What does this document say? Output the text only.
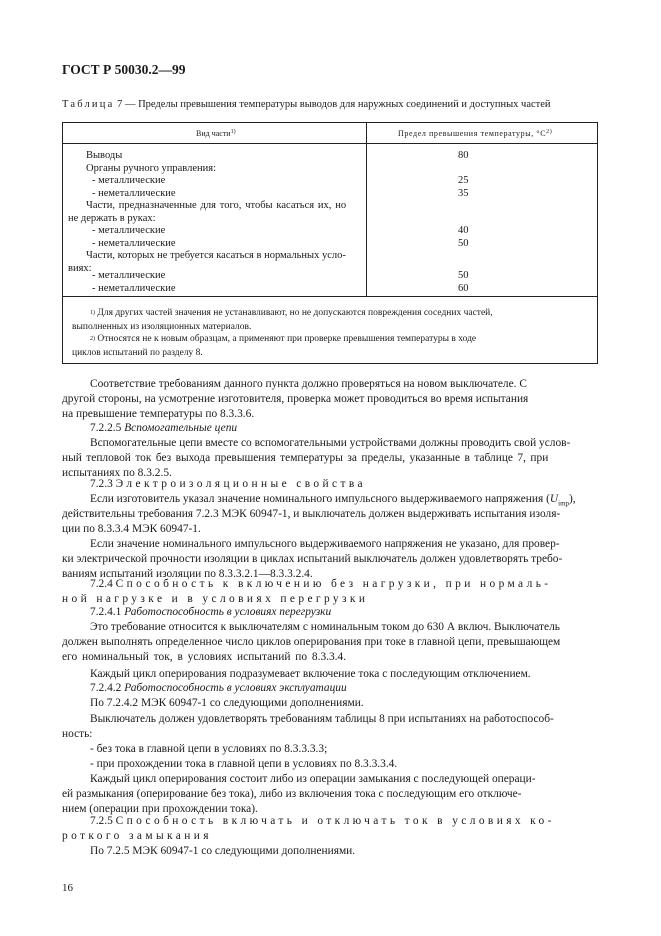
ГОСТ Р 50030.2—99
Таблица 7 — Пределы превышения температуры выводов для наружных соединений и доступных частей
Вид части$^{1)}$	Предел превышения температуры, $^\circ С^{2)}$
Выводы	80
Органы ручного управления:
- металлические	25
- неметаллические	35
Части, предназначенные для того, чтобы касаться их, но
не держать в руках:
- металлические	40
- неметаллические	50
Части, которых не требуется касаться в нормальных усло-
виях:
- металлические	50
- неметаллические	60
$^{1)}$ Для других частей значения не устанавливают, но не допускаются повреждения соседних частей,
выполненных из изоляционных материалов.
$^{2)}$ Относятся не к новым образцам, а применяют при проверке превышения температуры в ходе
циклов испытаний по разделу 8.
Соответствие требованиям данного пункта должно проверяться на новом выключателе. С
другой стороны, на усмотрение изготовителя, проверка может проводиться во время испытания
на превышение температуры по 8.3.3.6.
7.2.2.5 Вспомогательные цепи
Вспомогательные цепи вместе со вспомогательными устройствами должны проводить свой услов-
ный тепловой ток без выхода превышения температуры за пределы, указанные в таблице 7, при
испытаниях по 8.3.2.5.
7.2.3 Электроизоляционные свойства
Если изготовитель указал значение номинального импульсного выдерживаемого напряжения $(U_{imp})$,
действительны требования 7.2.3 МЭК 60947-1, и выключатель должен выдерживать испытания изоля-
ции по 8.3.3.4 МЭК 60947-1.
Если значение номинального импульсного выдерживаемого напряжения не указано, для провер-
ки электрической прочности изоляции в циклах испытаний выключатель должен удовлетворять требо-
ваниям испытаний изоляции по 8.3.3.2.1—8.3.3.2.4.
7.2.4 Способность к включению без нагрузки, при нормаль-
ной нагрузке и в условиях перегрузки
7.2.4.1 Работоспособность в условиях перегрузки
Это требование относится к выключателям с номинальным током до 630 А включ. Выключатель
должен выполнять определенное число циклов оперирования при токе в главной цепи, превышающем
его номинальный ток, в условиях испытаний по 8.3.3.4.
Каждый цикл оперирования подразумевает включение тока с последующим отключением.
7.2.4.2 Работоспособность в условиях эксплуатации
По 7.2.4.2 МЭК 60947-1 со следующими дополнениями.
Выключатель должен удовлетворять требованиям таблицы 8 при испытаниях на работоспособ-
ность:
- без тока в главной цепи в условиях по 8.3.3.3.3;
- при прохождении тока в главной цепи в условиях по 8.3.3.3.4.
Каждый цикл оперирования состоит либо из операции замыкания с последующей операци-
ей размыкания (оперирование без тока), либо из включения тока с последующим его отключе-
нием (операции при прохождении тока).
7.2.5 Способность включать и отключать ток в условиях ко-
роткого замыкания
По 7.2.5 МЭК 60947-1 со следующими дополнениями.
16
